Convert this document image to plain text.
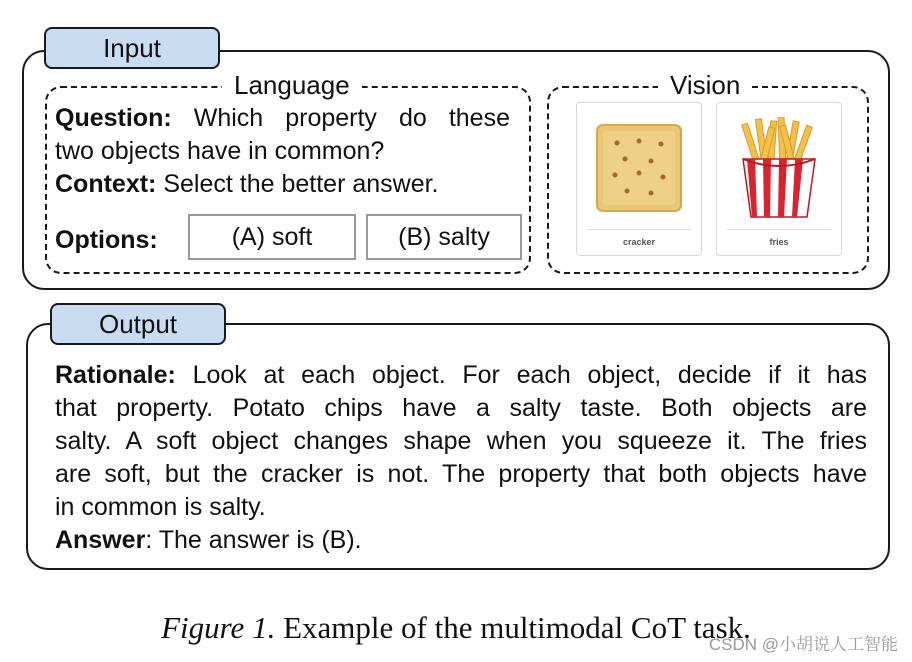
Input
Language	Vision
Question: Which property do these
two objects have in common?
Context: Select the better answer.
Options:	(A) soft	(B) salty	cracker	fries
Output
Rationale: Look at each object. For each object, decide if it has
that property. Potato chips have a salty taste. Both objects are
salty. A soft object changes shape when you squeeze it. The fries
are soft, but the cracker is not. The property that both objects have
in common is salty.
Answer: The answer is (B).
Figure 1. Example of the multimodal CoT task.
CSDN @小胡说人工智能
